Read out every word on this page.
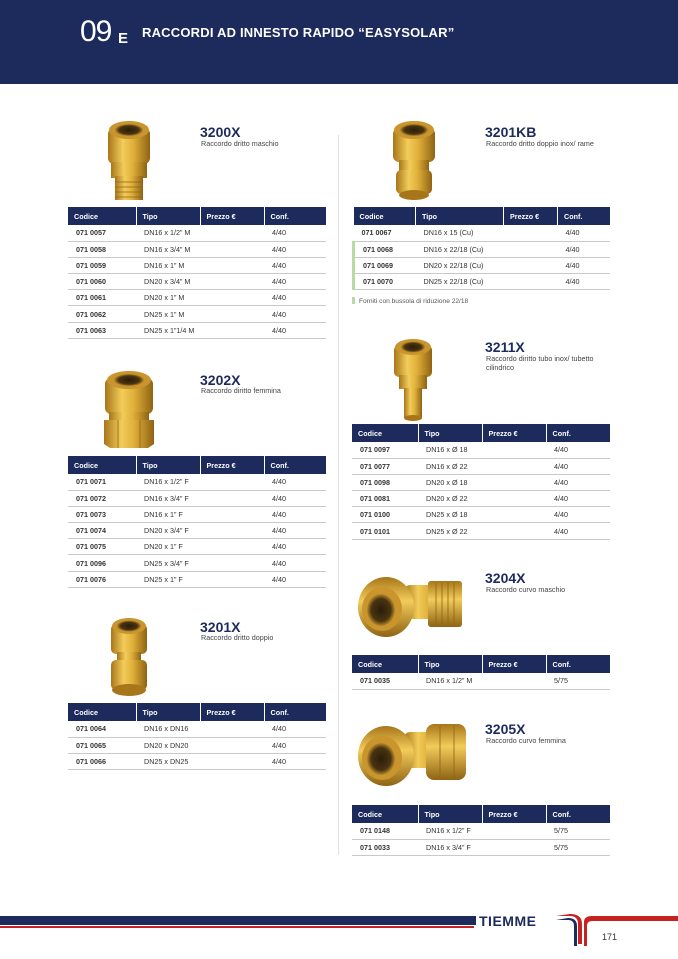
09 E RACCORDI AD INNESTO RAPIDO “EASYSOLAR”
3200X
Raccordo dritto maschio
Codice	Tipo	Prezzo €	Conf.
071 0057	DN16 x 1/2” M		4/40
071 0058	DN16 x 3/4” M		4/40
071 0059	DN16 x 1” M		4/40
071 0060	DN20 x 3/4” M		4/40
071 0061	DN20 x 1” M		4/40
071 0062	DN25 x 1” M		4/40
071 0063	DN25 x 1”1/4 M		4/40
3202X
Raccordo diritto femmina
Codice	Tipo	Prezzo €	Conf.
071 0071	DN16 x 1/2” F		4/40
071 0072	DN16 x 3/4” F		4/40
071 0073	DN16 x 1” F		4/40
071 0074	DN20 x 3/4” F		4/40
071 0075	DN20 x 1” F		4/40
071 0096	DN25 x 3/4” F		4/40
071 0076	DN25 x 1” F		4/40
3201X
Raccordo dritto doppio
Codice	Tipo	Prezzo €	Conf.
071 0064	DN16 x DN16		4/40
071 0065	DN20 x DN20		4/40
071 0066	DN25 x DN25		4/40
3201KB
Raccordo dritto doppio inox/ rame
Codice	Tipo	Prezzo €	Conf.
071 0067	DN16 x 15 (Cu)		4/40
071 0068	DN16 x 22/18 (Cu)		4/40
071 0069	DN20 x 22/18 (Cu)		4/40
071 0070	DN25 x 22/18 (Cu)		4/40
Forniti con bussola di riduzione 22/18
3211X
Raccordo diritto tubo inox/ tubetto cilindrico
Codice	Tipo	Prezzo €	Conf.
071 0097	DN16 x Ø 18		4/40
071 0077	DN16 x Ø 22		4/40
071 0098	DN20 x Ø 18		4/40
071 0081	DN20 x Ø 22		4/40
071 0100	DN25 x Ø 18		4/40
071 0101	DN25 x Ø 22		4/40
3204X
Raccordo curvo maschio
Codice	Tipo	Prezzo €	Conf.
071 0035	DN16 x 1/2” M		5/75
3205X
Raccordo curvo femmina
Codice	Tipo	Prezzo €	Conf.
071 0148	DN16 x 1/2” F		5/75
071 0033	DN16 x 3/4” F		5/75
TIEMME
171
